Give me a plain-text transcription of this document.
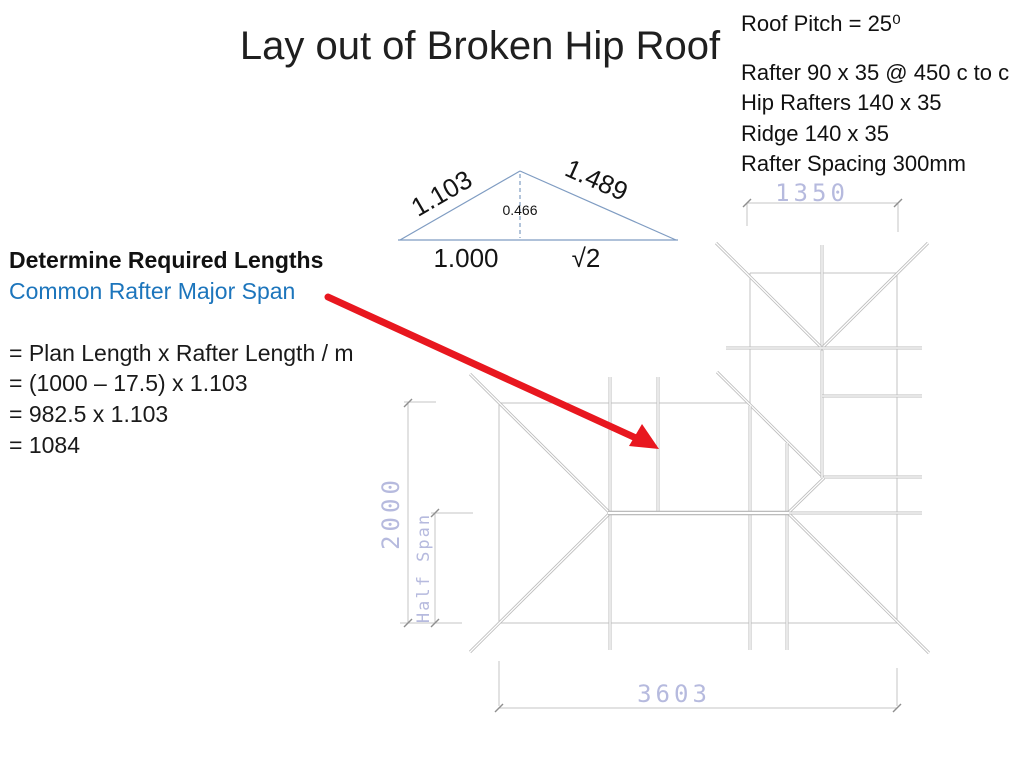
Lay out of Broken Hip Roof
Roof Pitch = 25⁰
Rafter 90 x 35 @ 450 c to c
Hip Rafters 140 x 35
Ridge 140 x 35
Rafter Spacing 300mm
Determine Required Lengths
Common Rafter Major Span
= Plan Length x Rafter Length / m
= (1000 – 17.5) x 1.103
= 982.5 x 1.103
= 1084
1.103	1.489
0.466
1.000	√2
1350
2000 Half Span
3603
